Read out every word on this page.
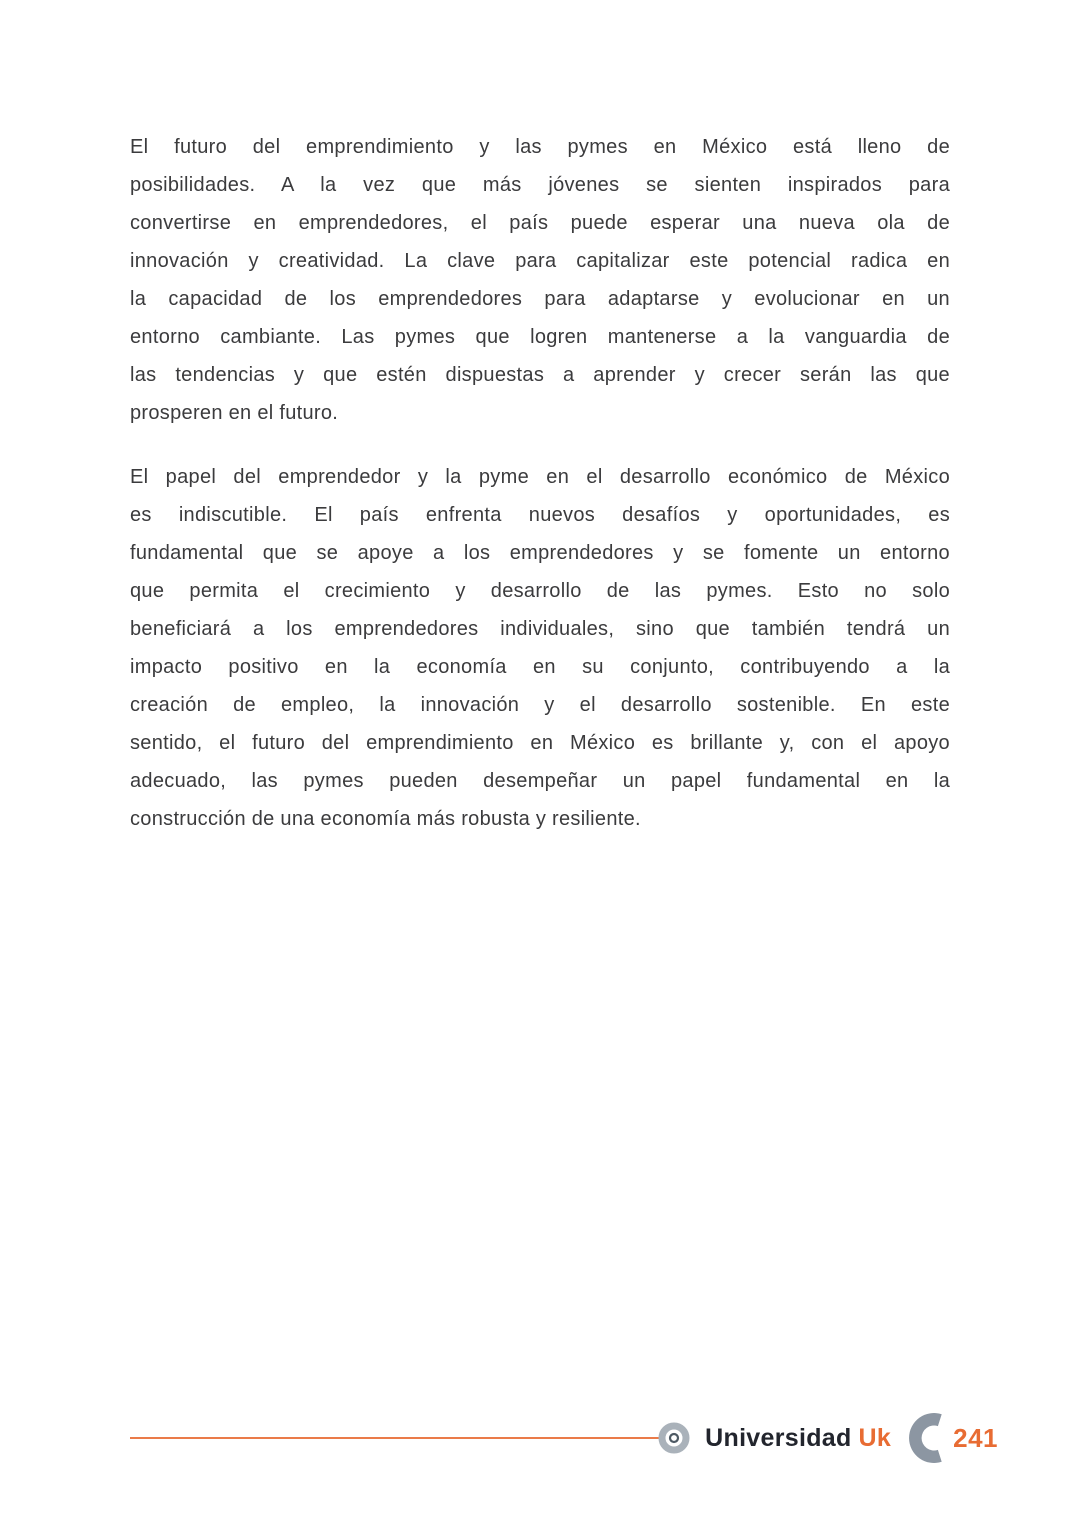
El futuro del emprendimiento y las pymes en México está lleno de
posibilidades. A la vez que más jóvenes se sienten inspirados para
convertirse en emprendedores, el país puede esperar una nueva ola de
innovación y creatividad. La clave para capitalizar este potencial radica en
la capacidad de los emprendedores para adaptarse y evolucionar en un
entorno cambiante. Las pymes que logren mantenerse a la vanguardia de
las tendencias y que estén dispuestas a aprender y crecer serán las que
prosperen en el futuro.
El papel del emprendedor y la pyme en el desarrollo económico de México
es indiscutible. El país enfrenta nuevos desafíos y oportunidades, es
fundamental que se apoye a los emprendedores y se fomente un entorno
que permita el crecimiento y desarrollo de las pymes. Esto no solo
beneficiará a los emprendedores individuales, sino que también tendrá un
impacto positivo en la economía en su conjunto, contribuyendo a la
creación de empleo, la innovación y el desarrollo sostenible. En este
sentido, el futuro del emprendimiento en México es brillante y, con el apoyo
adecuado, las pymes pueden desempeñar un papel fundamental en la
construcción de una economía más robusta y resiliente.
Universidad Uk 241
